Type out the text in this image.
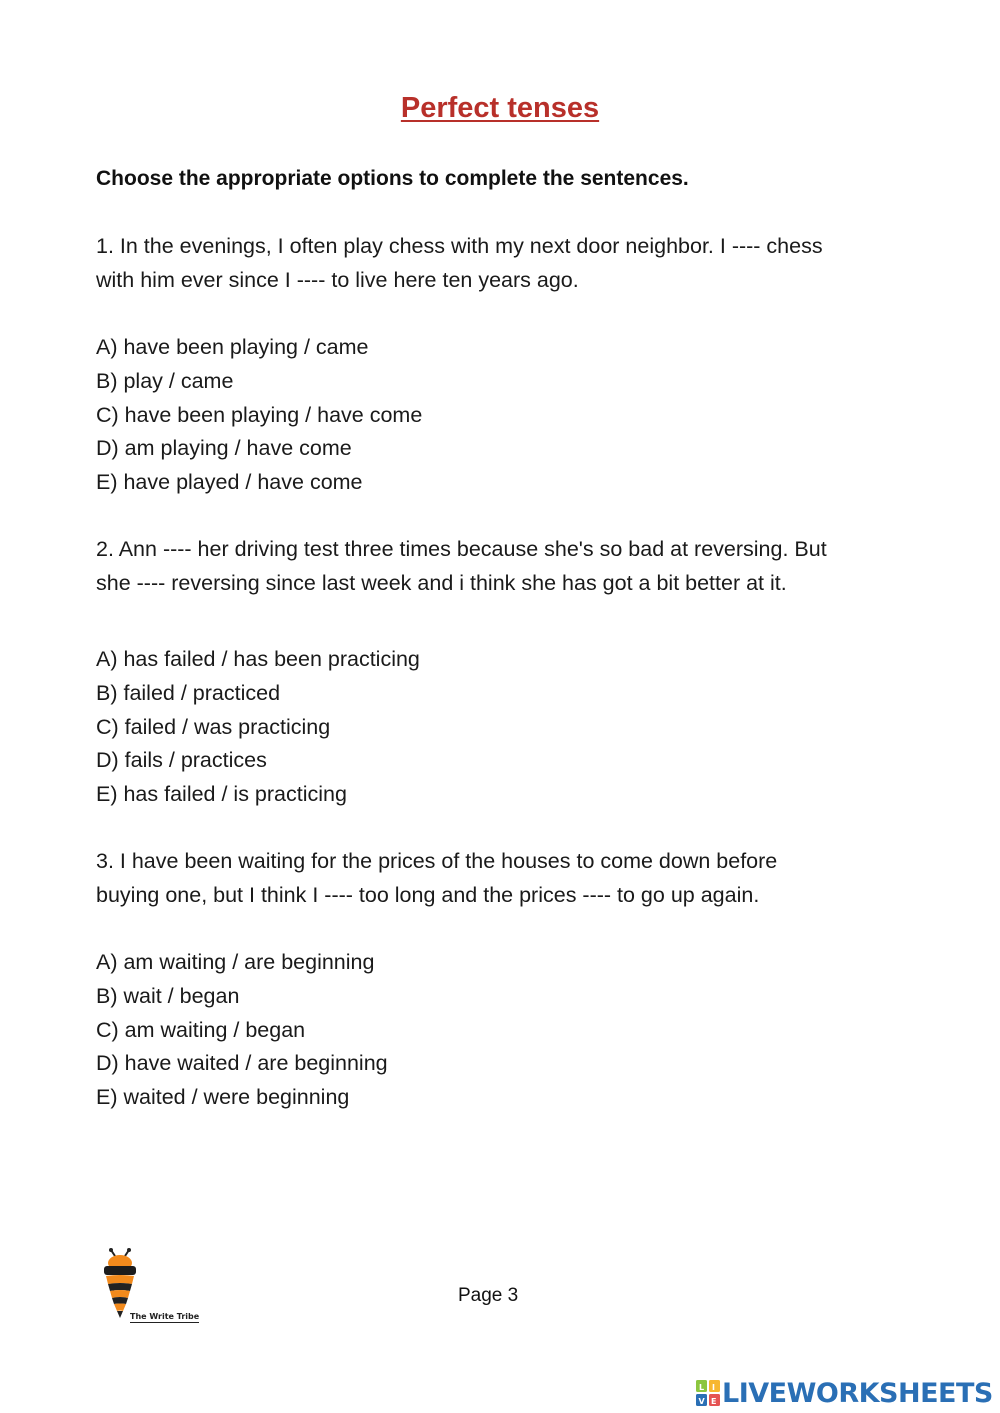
Perfect tenses
Choose the appropriate options to complete the sentences.

1. In the evenings, I often play chess with my next door neighbor. I ---- chess

with him ever since I ---- to live here ten years ago.

A) have been playing / came

B) play / came

C) have been playing / have come

D) am playing / have come

E) have played / have come

2. Ann ---- her driving test three times because she's so bad at reversing. But

she ---- reversing since last week and i think she has got a bit better at it.

A) has failed / has been practicing

B) failed / practiced

C) failed / was practicing

D) fails / practices

E) has failed / is practicing

3. I have been waiting for the prices of the houses to come down before

buying one, but I think I ---- too long and the prices ---- to go up again.

A) am waiting / are beginning

B) wait / began

C) am waiting / began

D) have waited / are beginning

E) waited / were beginning

The Write Tribe
Page 3
L I
V E LIVEWORKSHEETS
